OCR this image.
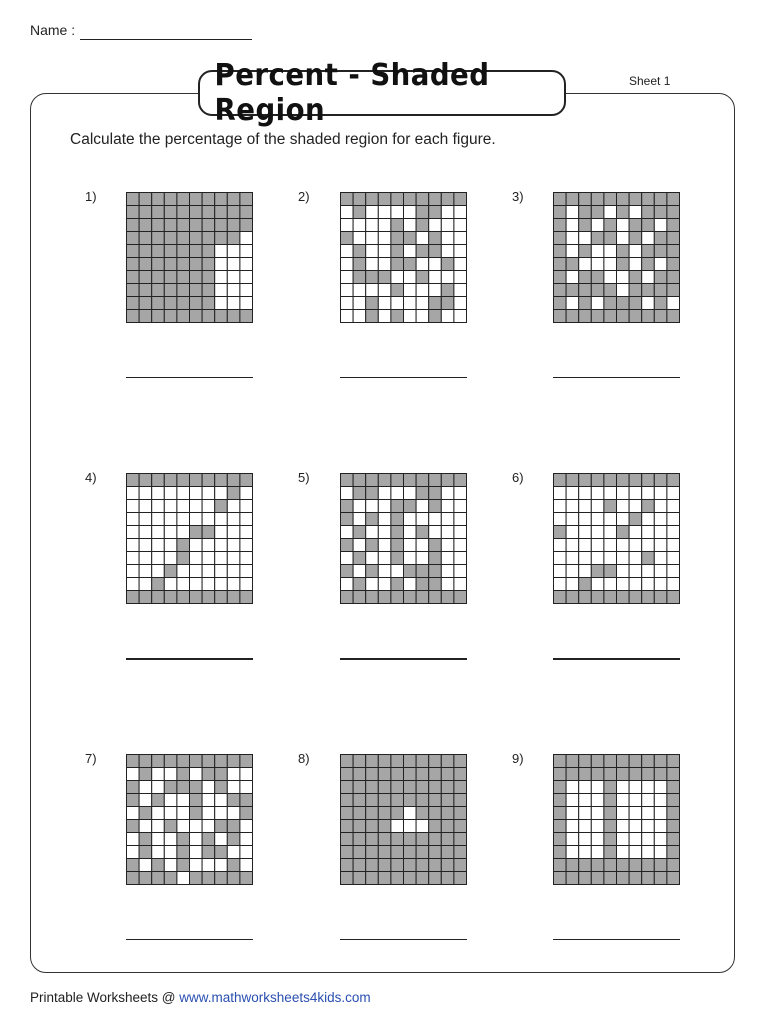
Name :
Percent - Shaded Region
Sheet 1
Calculate the percentage of the shaded region for each figure.
1)	2)	3)
4)	5)	6)
7)	8)	9)
Printable Worksheets @ www.mathworksheets4kids.com
